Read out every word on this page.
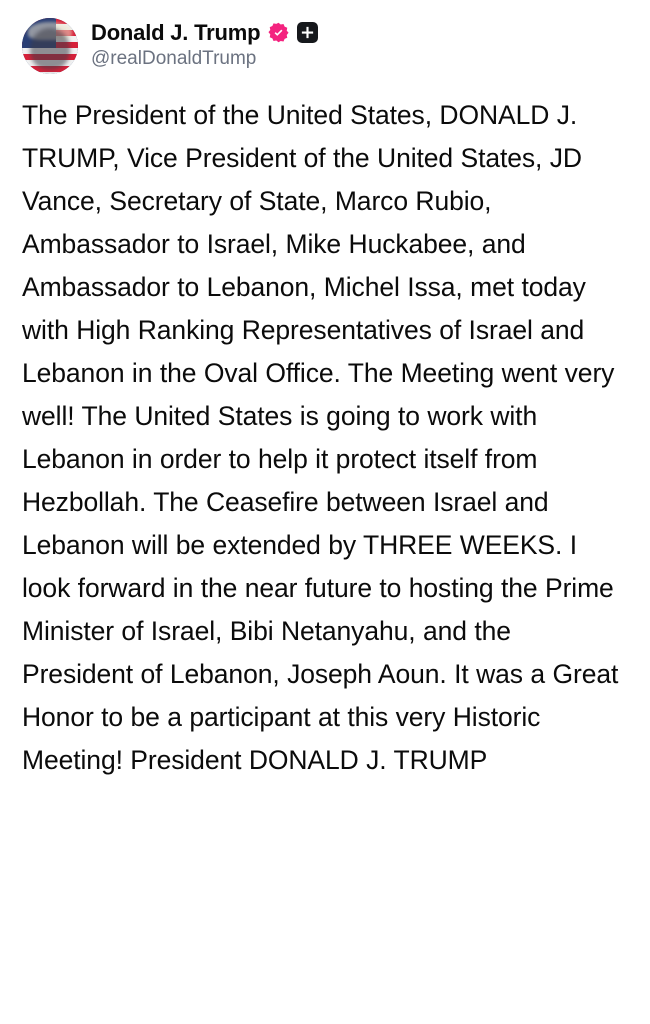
Donald J. Trump
@realDonaldTrump
The President of the United States, DONALD J. TRUMP, Vice President of the United States, JD Vance, Secretary of State, Marco Rubio, Ambassador to Israel, Mike Huckabee, and Ambassador to Lebanon, Michel Issa, met today with High Ranking Representatives of Israel and Lebanon in the Oval Office. The Meeting went very well! The United States is going to work with Lebanon in order to help it protect itself from Hezbollah. The Ceasefire between Israel and Lebanon will be extended by THREE WEEKS. I look forward in the near future to hosting the Prime Minister of Israel, Bibi Netanyahu, and the President of Lebanon, Joseph Aoun. It was a Great Honor to be a participant at this very Historic Meeting! President DONALD J. TRUMP
